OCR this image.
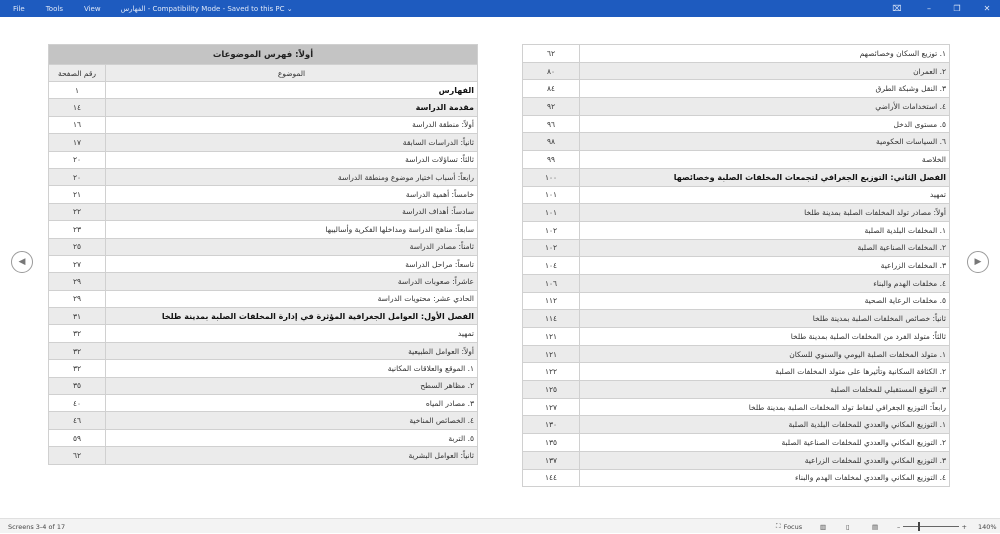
File	Tools	View	الفهارس - Compatibility Mode - Saved to this PC ⌄	⌧	–	❐	✕
أولاً: فهرس الموضوعات	
الموضوع	رقم الصفحة
الفهارس	١
مقدمة الدراسة	١٤
أولاً: منطقة الدراسة	١٦
ثانياً: الدراسات السابقة	١٧
ثالثاً: تساؤلات الدراسة	٢٠
رابعاً: أسباب اختيار موضوع ومنطقة الدراسة	٢٠
خامساً: أهمية الدراسة	٢١
سادساً: أهداف الدراسة	٢٢
سابعاً: مناهج الدراسة ومداخلها الفكرية وأساليبها	٢٣
ثامناً: مصادر الدراسة	٢٥
تاسعاً: مراحل الدراسة	٢٧
عاشراً: صعوبات الدراسة	٢٩
الحادي عشر: محتويات الدراسة	٢٩
الفصل الأول: العوامل الجغرافية المؤثرة في إدارة المخلفات الصلبة بمدينة طلخا	٣١
تمهيد	٣٢
أولاً: العوامل الطبيعية	٣٢
١. الموقع والعلاقات المكانية	٣٢
٢. مظاهر السطح	٣٥
٣. مصادر المياه	٤٠
٤. الخصائص المناخية	٤٦
٥. التربة	٥٩
ثانياً: العوامل البشرية	٦٢
١. توزيع السكان وخصائصهم	٦٢
٢. العمران	٨٠
٣. النقل وشبكة الطرق	٨٤
٤. استخدامات الأراضي	٩٢
٥. مستوى الدخل	٩٦
٦. السياسات الحكومية	٩٨
الخلاصة	٩٩
الفصل الثاني: التوزيع الجغرافي لتجمعات المخلفات الصلبة وخصائصها	١٠٠
تمهيد	١٠١
أولاً: مصادر تولد المخلفات الصلبة بمدينة طلخا	١٠١
١. المخلفات البلدية الصلبة	١٠٢
٢. المخلفات الصناعية الصلبة	١٠٢
٣. المخلفات الزراعية	١٠٤
٤. مخلفات الهدم والبناء	١٠٦
٥. مخلفات الرعاية الصحية	١١٢
ثانياً: خصائص المخلفات الصلبة بمدينة طلخا	١١٤
ثالثاً: متولد الفرد من المخلفات الصلبة بمدينة طلخا	١٢١
١. متولد المخلفات الصلبة اليومي والسنوي للسكان	١٢١
٢. الكثافة السكانية وتأثيرها على متولد المخلفات الصلبة	١٢٢
٣. التوقع المستقبلي للمخلفات الصلبة	١٢٥
رابعاً: التوزيع الجغرافي لنقاط تولد المخلفات الصلبة بمدينة طلخا	١٢٧
١. التوزيع المكاني والعددي للمخلفات البلدية الصلبة	١٣٠
٢. التوزيع المكاني والعددي للمخلفات الصناعية الصلبة	١٣٥
٣. التوزيع المكاني والعددي للمخلفات الزراعية	١٣٧
٤. التوزيع المكاني والعددي لمخلفات الهدم والبناء	١٤٤
◀	▶
Screens 3-4 of 17	⛶ Focus	▥	▯	▤	–	+ 140%
